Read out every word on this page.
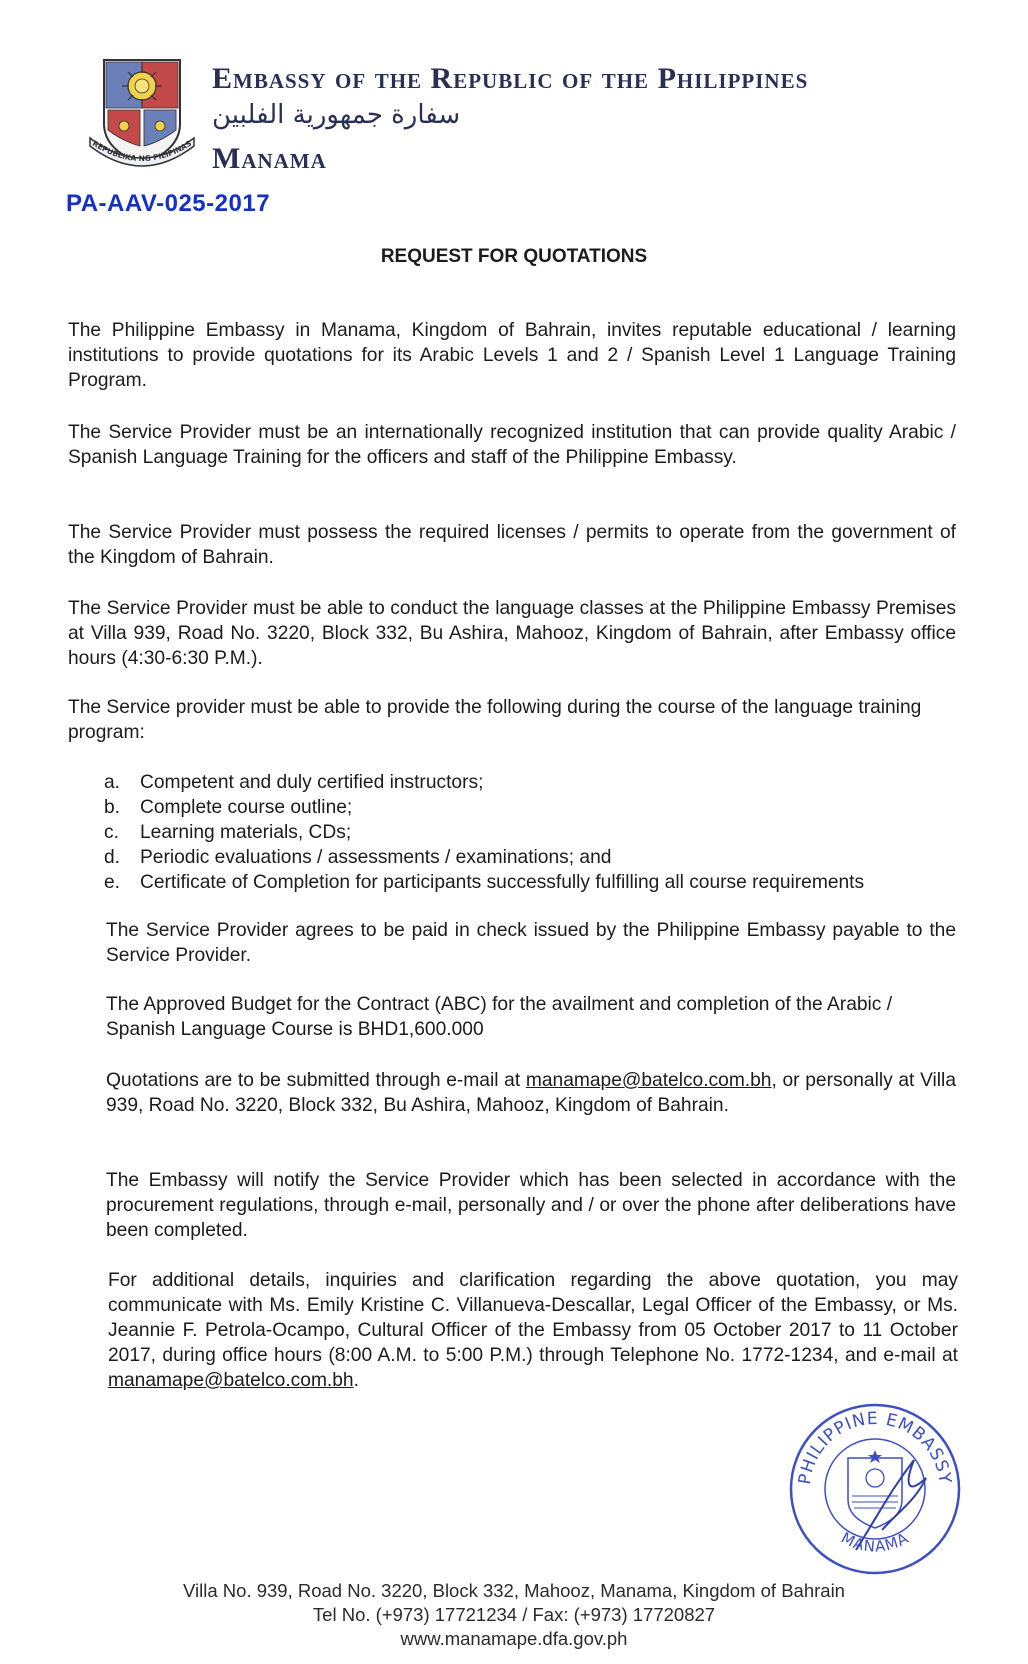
REPUBLIKA NG PILIPINAS
Embassy of the Republic of the Philippines
سفارة جمهورية الفلبين
Manama
PA-AAV-025-2017
REQUEST FOR QUOTATIONS

The Philippine Embassy in Manama, Kingdom of Bahrain, invites reputable educational / learning institutions to provide quotations for its Arabic Levels 1 and 2 / Spanish Level 1 Language Training Program.

The Service Provider must be an internationally recognized institution that can provide quality Arabic / Spanish Language Training for the officers and staff of the Philippine Embassy.

The Service Provider must possess the required licenses / permits to operate from the government of the Kingdom of Bahrain.

The Service Provider must be able to conduct the language classes at the Philippine Embassy Premises at Villa 939, Road No. 3220, Block 332, Bu Ashira, Mahooz, Kingdom of Bahrain, after Embassy office hours (4:30-6:30 P.M.).

The Service provider must be able to provide the following during the course of the language training program:

a.	Competent and duly certified instructors;
b.	Complete course outline;
c.	Learning materials, CDs;
d.	Periodic evaluations / assessments / examinations; and
e.	Certificate of Completion for participants successfully fulfilling all course requirements

The Service Provider agrees to be paid in check issued by the Philippine Embassy payable to the Service Provider.

The Approved Budget for the Contract (ABC) for the availment and completion of the Arabic / Spanish Language Course is BHD1,600.000

Quotations are to be submitted through e-mail at manamape@batelco.com.bh, or personally at Villa 939, Road No. 3220, Block 332, Bu Ashira, Mahooz, Kingdom of Bahrain.

The Embassy will notify the Service Provider which has been selected in accordance with the procurement regulations, through e-mail, personally and / or over the phone after deliberations have been completed.

For additional details, inquiries and clarification regarding the above quotation, you may communicate with Ms. Emily Kristine C. Villanueva-Descallar, Legal Officer of the Embassy, or Ms. Jeannie F. Petrola-Ocampo, Cultural Officer of the Embassy from 05 October 2017 to 11 October 2017, during office hours (8:00 A.M. to 5:00 P.M.) through Telephone No. 1772-1234, and e-mail at manamape@batelco.com.bh.

PHILIPPINE EMBASSY
MANAMA
Villa No. 939, Road No. 3220, Block 332, Mahooz, Manama, Kingdom of Bahrain
Tel No. (+973) 17721234 / Fax: (+973) 17720827
www.manamape.dfa.gov.ph
